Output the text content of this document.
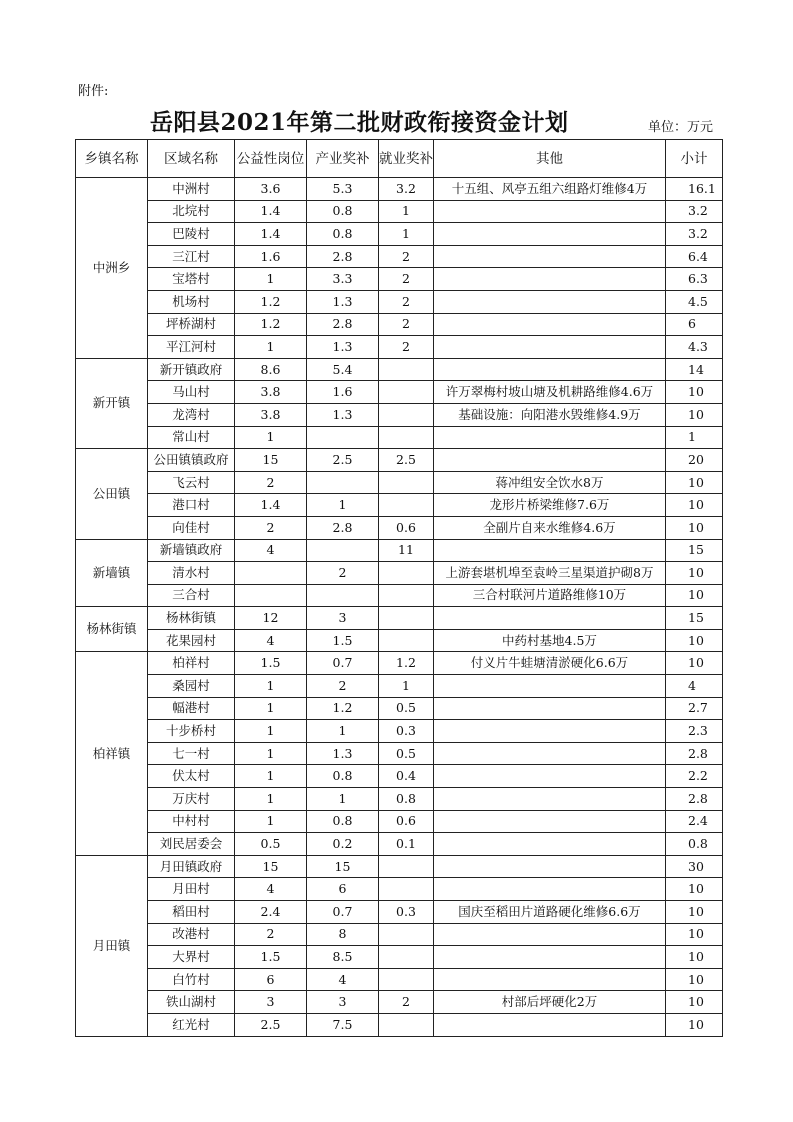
附件:
岳阳县2021年第二批财政衔接资金计划	单位：万元
乡镇名称	区域名称	公益性岗位	产业奖补	就业奖补	其他	小计
中洲乡	中洲村	3.6	5.3	3.2	十五组、风亭五组六组路灯维修4万	16.1
	北垸村	1.4	0.8	1		3.2
	巴陵村	1.4	0.8	1		3.2
	三江村	1.6	2.8	2		6.4
	宝塔村	1	3.3	2		6.3
	机场村	1.2	1.3	2		4.5
	坪桥湖村	1.2	2.8	2		6
	平江河村	1	1.3	2		4.3
新开镇	新开镇政府	8.6	5.4			14
	马山村	3.8	1.6		许万翠梅村坡山塘及机耕路维修4.6万	10
	龙湾村	3.8	1.3		基础设施：向阳港水毁维修4.9万	10
	常山村	1				1
公田镇	公田镇镇政府	15	2.5	2.5		20
	飞云村	2			蒋冲组安全饮水8万	10
	港口村	1.4	1		龙形片桥梁维修7.6万	10
	向佳村	2	2.8	0.6	全副片自来水维修4.6万	10
新墙镇	新墙镇政府	4		11		15
	清水村		2		上游套堪机埠至袁岭三星渠道护砌8万	10
	三合村				三合村联河片道路维修10万	10
杨林街镇	杨林街镇	12	3			15
	花果园村	4	1.5		中药村基地4.5万	10
柏祥镇	柏祥村	1.5	0.7	1.2	付义片牛蛙塘清淤硬化6.6万	10
	桑园村	1	2	1		4
	幅港村	1	1.2	0.5		2.7
	十步桥村	1	1	0.3		2.3
	七一村	1	1.3	0.5		2.8
	伏太村	1	0.8	0.4		2.2
	万庆村	1	1	0.8		2.8
	中村村	1	0.8	0.6		2.4
	刘民居委会	0.5	0.2	0.1		0.8
月田镇	月田镇政府	15	15			30
	月田村	4	6			10
	稻田村	2.4	0.7	0.3	国庆至稻田片道路硬化维修6.6万	10
	改港村	2	8			10
	大界村	1.5	8.5			10
	白竹村	6	4			10
	铁山湖村	3	3	2	村部后坪硬化2万	10
	红光村	2.5	7.5			10
